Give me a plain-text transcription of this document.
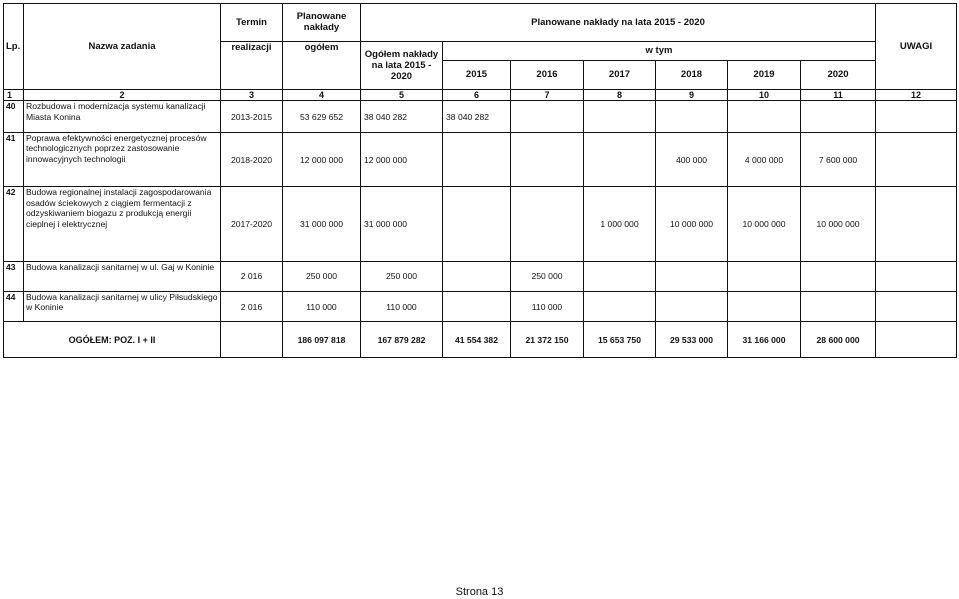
Lp.	Nazwa zadania	Termin	Planowane nakłady	Planowane nakłady na lata 2015 - 2020							UWAGI
		realizacji	ogółem	Ogółem nakłady na lata 2015 - 2020	w tym						
					2015	2016	2017	2018	2019	2020	
1	2	3	4	5	6	7	8	9	10	11	12
40	Rozbudowa i modernizacja systemu kanalizacji Miasta Konina	2013-2015	53 629 652	38 040 282	38 040 282						
41	Poprawa efektywności energetycznej procesów technologicznych poprzez zastosowanie innowacyjnych technologii	2018-2020	12 000 000	12 000 000				400 000	4 000 000	7 600 000	
42	Budowa regionalnej instalacji zagospodarowania osadów ściekowych z ciągiem fermentacji z odzyskiwaniem biogazu z produkcją energii cieplnej i elektrycznej	2017-2020	31 000 000	31 000 000			1 000 000	10 000 000	10 000 000	10 000 000	
43	Budowa kanalizacji sanitarnej w ul. Gaj w Koninie	2 016	250 000	250 000		250 000					
44	Budowa kanalizacji sanitarnej w ulicy Piłsudskiego w Koninie	2 016	110 000	110 000		110 000					
OGÓŁEM: POZ. I + II			186 097 818	167 879 282	41 554 382	21 372 150	15 653 750	29 533 000	31 166 000	28 600 000	
Strona 13
